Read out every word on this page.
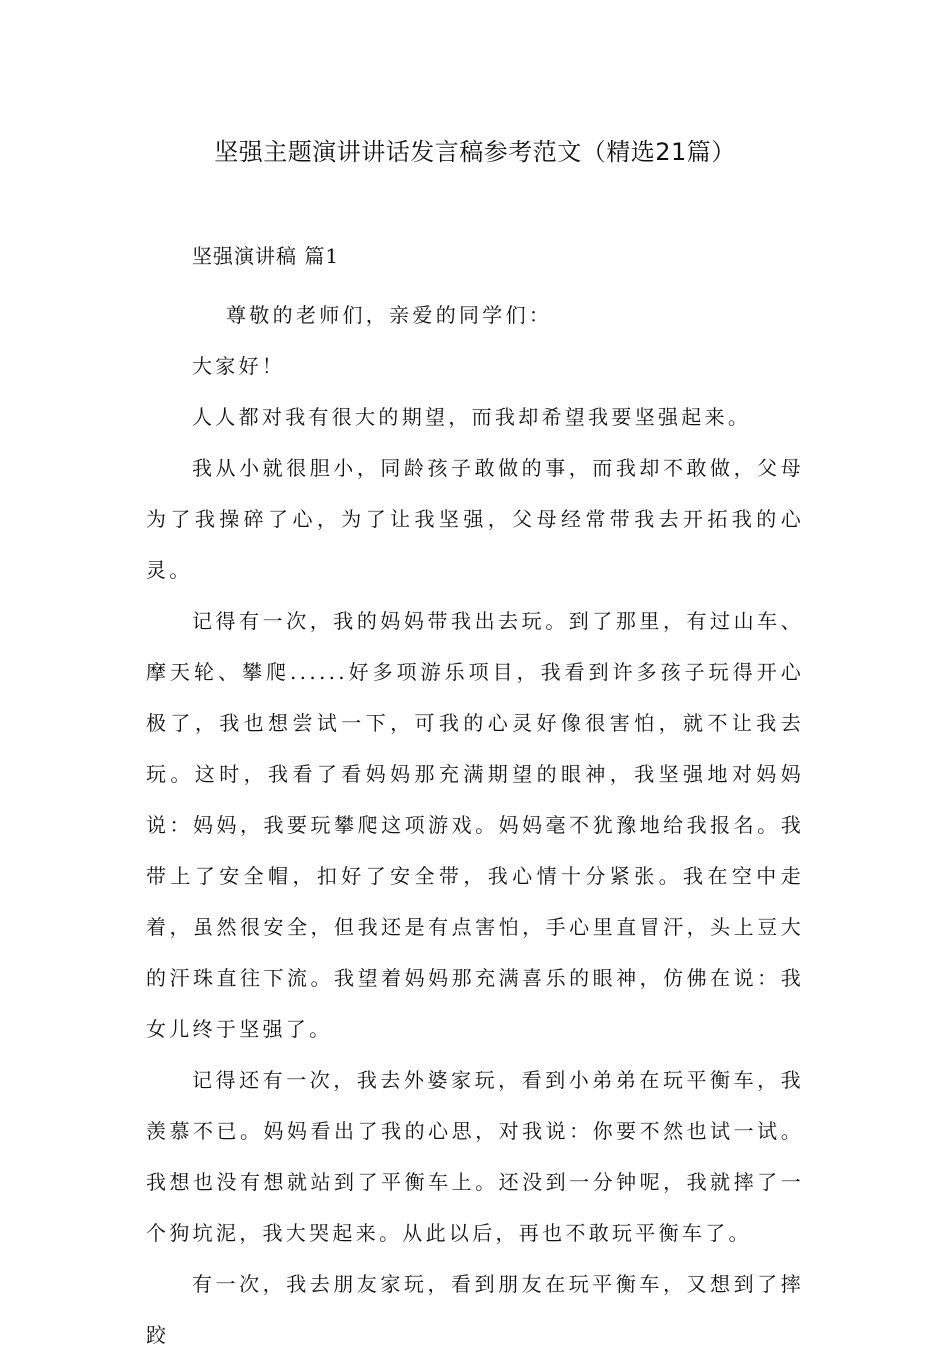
坚强主题演讲讲话发言稿参考范文（精选21篇）
坚强演讲稿 篇1

尊敬的老师们，亲爱的同学们：

大家好！

人人都对我有很大的期望，而我却希望我要坚强起来。

我从小就很胆小，同龄孩子敢做的事，而我却不敢做，父母为了我操碎了心，为了让我坚强，父母经常带我去开拓我的心灵。

记得有一次，我的妈妈带我出去玩。到了那里，有过山车、摩天轮、攀爬......好多项游乐项目，我看到许多孩子玩得开心极了，我也想尝试一下，可我的心灵好像很害怕，就不让我去玩。这时，我看了看妈妈那充满期望的眼神，我坚强地对妈妈说：妈妈，我要玩攀爬这项游戏。妈妈毫不犹豫地给我报名。我带上了安全帽，扣好了安全带，我心情十分紧张。我在空中走着，虽然很安全，但我还是有点害怕，手心里直冒汗，头上豆大的汗珠直往下流。我望着妈妈那充满喜乐的眼神，仿佛在说：我女儿终于坚强了。

记得还有一次，我去外婆家玩，看到小弟弟在玩平衡车，我羡慕不已。妈妈看出了我的心思，对我说：你要不然也试一试。我想也没有想就站到了平衡车上。还没到一分钟呢，我就摔了一个狗坑泥，我大哭起来。从此以后，再也不敢玩平衡车了。

有一次，我去朋友家玩，看到朋友在玩平衡车，又想到了摔跤
